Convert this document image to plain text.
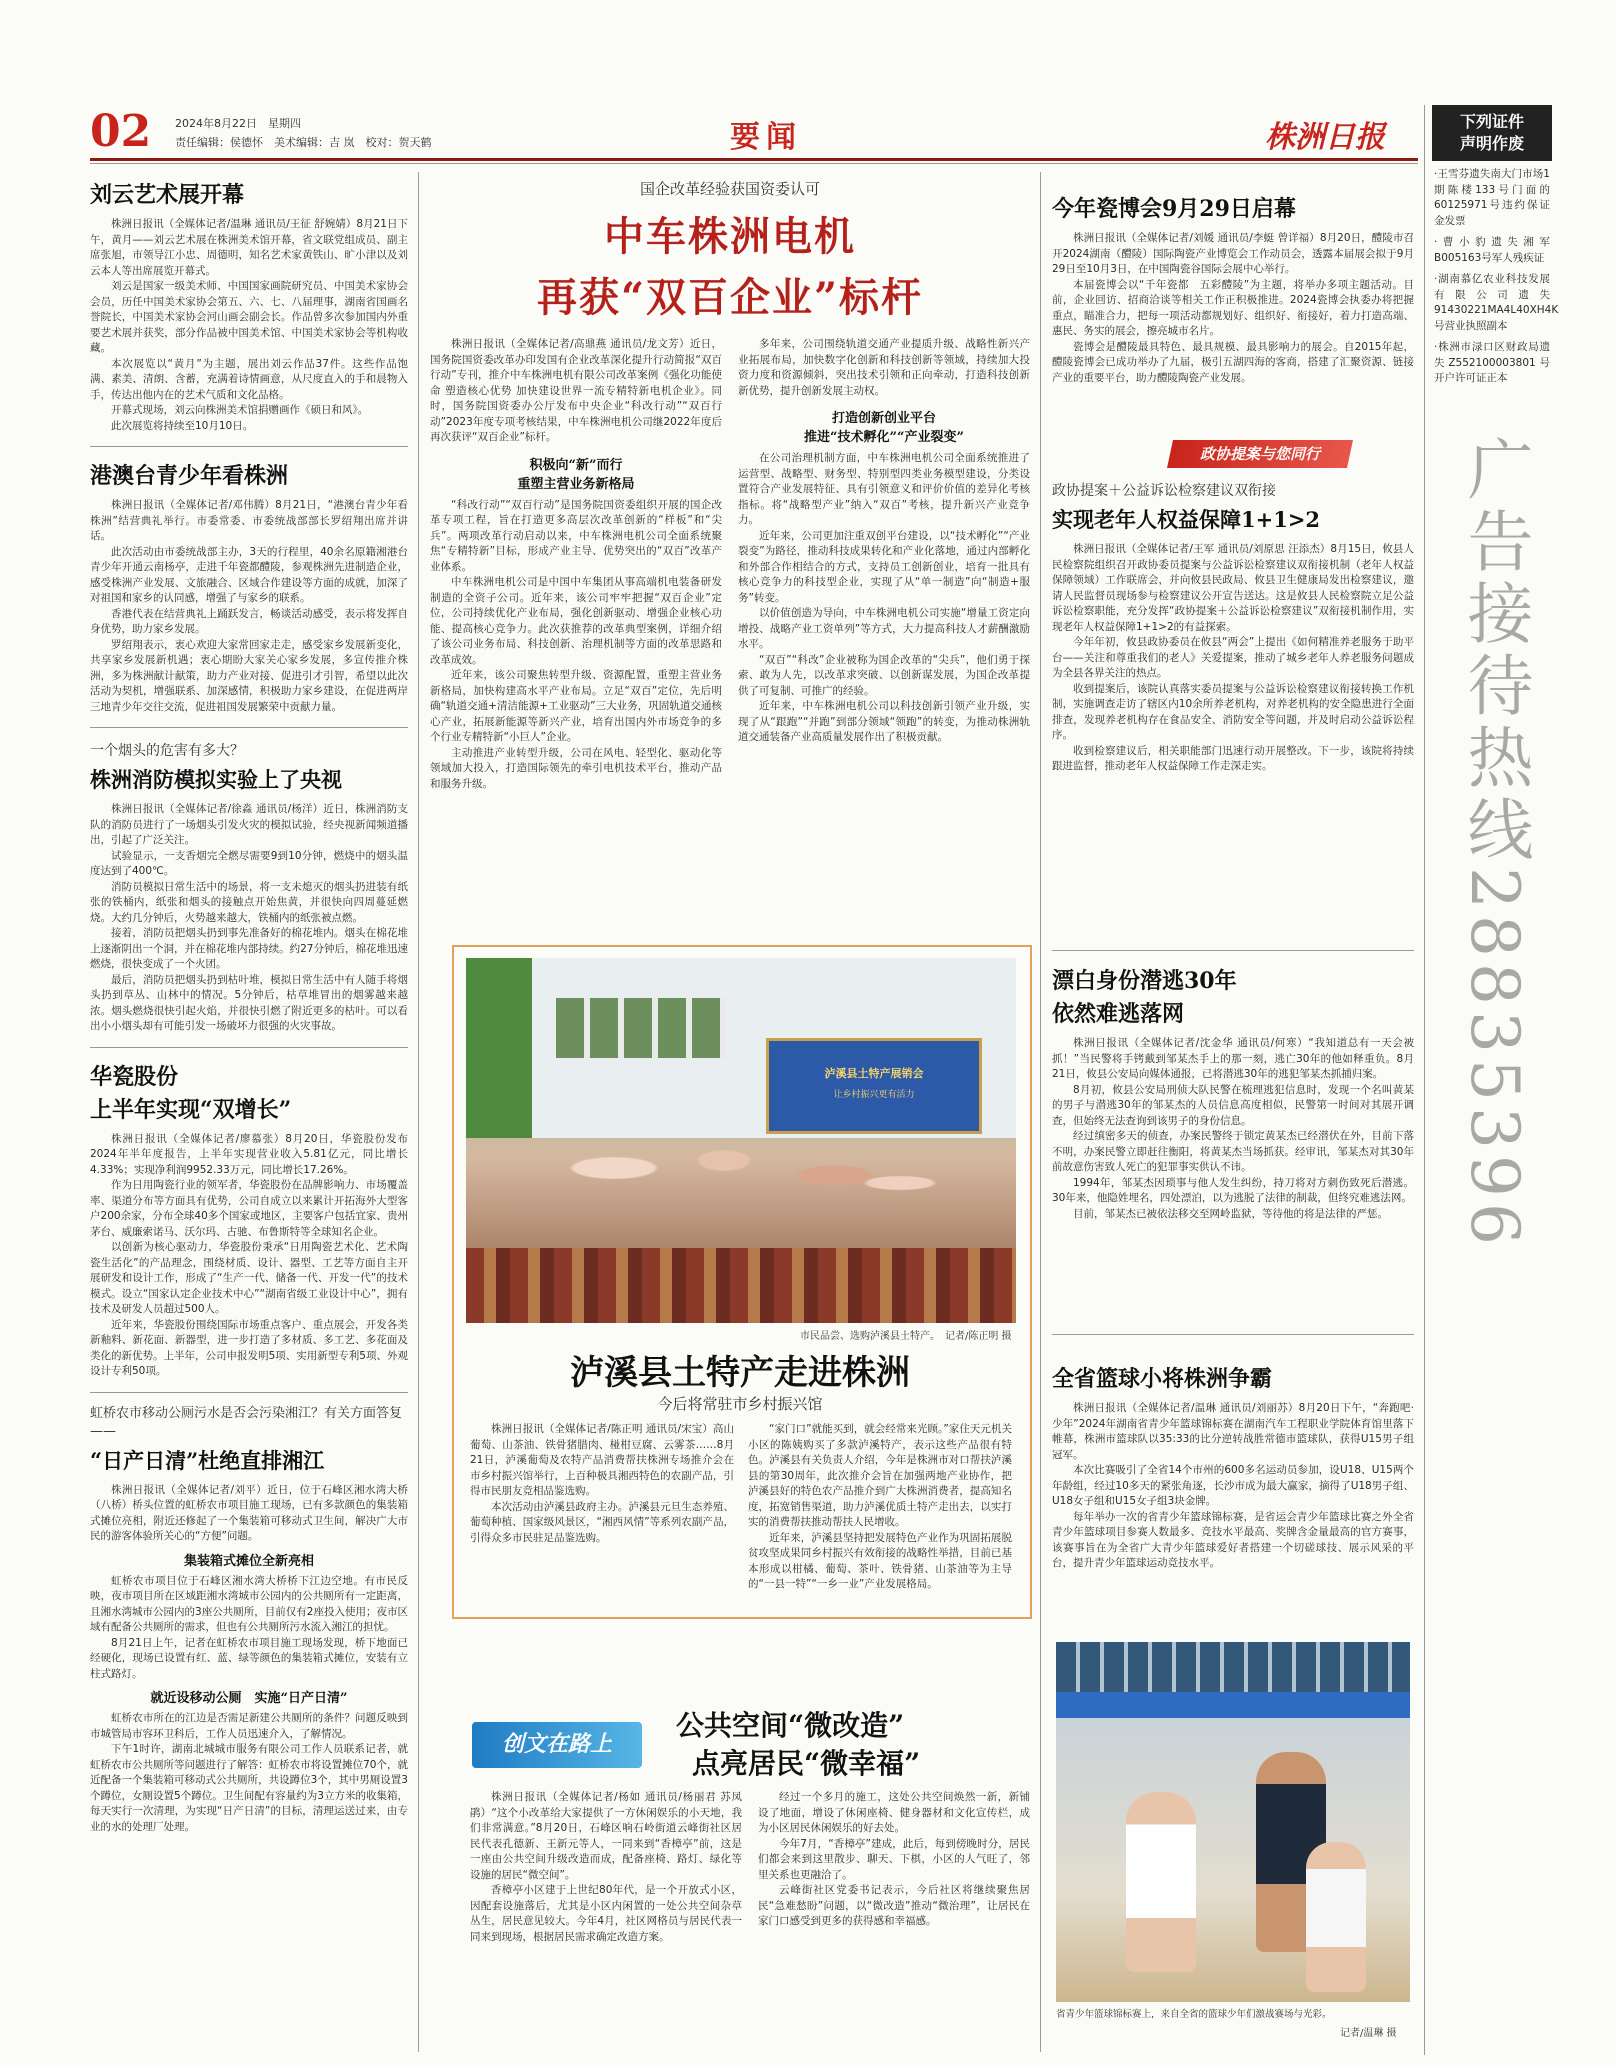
02 2024年8月22日　星期四
责任编辑：侯德怀　美术编辑：吉 岚　校对：贺天鹤	要闻	株洲日报	下列证件
声明作废

·王雪芬遗失南大门市场1期陈楼133号门面的60125971号违约保证金发票

·曹小豹遗失湘军B005163号军人残疾证

·湖南慕亿农业科技发展有限公司遗失91430221MA4L40XH4K号营业执照副本

·株洲市渌口区财政局遗失Z552100003801号开户许可证正本

广告接待热线28835396
刘云艺术展开幕

株洲日报讯（全媒体记者/温琳 通讯员/王征 舒婉婧）8月21日下午，黄月——刘云艺术展在株洲美术馆开幕，省文联党组成员、副主席张旭，市领导江小忠、周德明，知名艺术家黄铁山、旷小津以及刘云本人等出席展览开幕式。

刘云是国家一级美术师、中国国家画院研究员、中国美术家协会会员，历任中国美术家协会第五、六、七、八届理事，湖南省国画名誉院长，中国美术家协会河山画会副会长。作品曾多次参加国内外重要艺术展并获奖，部分作品被中国美术馆、中国美术家协会等机构收藏。

本次展览以“黄月”为主题，展出刘云作品37件。这些作品饱满、素美、清朗、含蓄，充满着诗情画意，从尺度直入的手和晨物入手，传达出他内在的艺术气质和文化品格。

开幕式现场，刘云向株洲美术馆捐赠画作《硕日和风》。

此次展览将持续至10月10日。

港澳台青少年看株洲

株洲日报讯（全媒体记者/邓伟腾）8月21日，“港澳台青少年看株洲”结营典礼举行。市委常委、市委统战部部长罗绍翔出席并讲话。

此次活动由市委统战部主办，3天的行程里，40余名原籍湘港台青少年开通云南杨亭，走进千年瓷都醴陵，参观株洲先进制造企业，感受株洲产业发展、文旅融合、区域合作建设等方面的成就，加深了对祖国和家乡的认同感，增强了与家乡的联系。

香港代表在结营典礼上踊跃发言，畅谈活动感受，表示将发挥自身优势，助力家乡发展。

罗绍翔表示，衷心欢迎大家常回家走走，感受家乡发展新变化，共享家乡发展新机遇；衷心期盼大家关心家乡发展，多宣传推介株洲，多为株洲献计献策，助力产业对接、促进引才引智，希望以此次活动为契机，增强联系、加深感情，积极助力家乡建设，在促进两岸三地青少年交往交流，促进祖国发展繁荣中贡献力量。

一个烟头的危害有多大？
株洲消防模拟实验上了央视

株洲日报讯（全媒体记者/徐淼 通讯员/杨洋）近日，株洲消防支队的消防员进行了一场烟头引发火灾的模拟试验，经央视新闻频道播出，引起了广泛关注。

试验显示，一支香烟完全燃尽需要9到10分钟，燃烧中的烟头温度达到了400℃。

消防员模拟日常生活中的场景，将一支未熄灭的烟头扔进装有纸张的铁桶内，纸张和烟头的接触点开始焦黄，并很快向四周蔓延燃烧。大约几分钟后，火势越来越大，铁桶内的纸张被点燃。

接着，消防员把烟头扔到事先准备好的棉花堆内。烟头在棉花堆上逐渐阴出一个洞，并在棉花堆内部持续。约27分钟后，棉花堆迅速燃烧，很快变成了一个火团。

最后，消防员把烟头扔到枯叶堆，模拟日常生活中有人随手将烟头扔到草丛、山林中的情况。5分钟后，枯草堆冒出的烟雾越来越浓。烟头燃烧很快引起火焰，并很快引燃了附近更多的枯叶。可以看出小小烟头却有可能引发一场破坏力很强的火灾事故。

华瓷股份
上半年实现“双增长”

株洲日报讯（全媒体记者/廖慕张）8月20日，华瓷股份发布2024年半年度报告，上半年实现营业收入5.81亿元，同比增长4.33%；实现净利润9952.33万元，同比增长17.26%。

作为日用陶瓷行业的领军者，华瓷股份在品牌影响力、市场覆盖率、渠道分布等方面具有优势，公司自成立以来累计开拓海外大型客户200余家，分布全球40多个国家或地区，主要客户包括宜家、贵州茅台、威廉索诺马、沃尔玛、古驰、布鲁斯特等全球知名企业。

以创新为核心驱动力，华瓷股份秉承“日用陶瓷艺术化、艺术陶瓷生活化”的产品理念，围绕材质、设计、器型、工艺等方面自主开展研发和设计工作，形成了“生产一代、储备一代、开发一代”的技术模式。设立“国家认定企业技术中心”“湖南省级工业设计中心”，拥有技术及研发人员超过500人。

近年来，华瓷股份围绕国际市场重点客户、重点展会，开发各类新釉料、新花面、新器型，进一步打造了多材质、多工艺、多花面及类化的新优势。上半年，公司申报发明5项、实用新型专利5项、外观设计专利50项。

虹桥农市移动公厕污水是否会污染湘江？有关方面答复——
“日产日清”杜绝直排湘江

株洲日报讯（全媒体记者/刘平）近日，位于石峰区湘水湾大桥（八桥）桥头位置的虹桥农市项目施工现场，已有多款颜色的集装箱式摊位亮相，附近还修起了一个集装箱可移动式卫生间，解决广大市民的游客体验所关心的“方便”问题。

集装箱式摊位全新亮相

虹桥农市项目位于石峰区湘水湾大桥桥下江边空地。有市民反映，夜市项目所在区域距湘水湾城市公园内的公共厕所有一定距离，且湘水湾城市公园内的3座公共厕所，目前仅有2座投入使用；夜市区域有配备公共厕所的需求，但也有公共厕所污水流入湘江的担忧。

8月21日上午，记者在虹桥农市项目施工现场发现，桥下地面已经硬化，现场已设置有红、蓝、绿等颜色的集装箱式摊位，安装有立柱式路灯。

就近设移动公厕　实施“日产日清”

虹桥农市所在的江边是否需足新建公共厕所的条件？问题反映到市城管局市容环卫科后，工作人员迅速介入，了解情况。

下午1时许，湖南北城城市服务有限公司工作人员联系记者，就虹桥农市公共厕所等问题进行了解答：虹桥农市将设置摊位70个，就近配备一个集装箱可移动式公共厕所，共设蹲位3个，其中男厕设置3个蹲位，女厕设置5个蹲位。卫生间配有容量约为3立方米的收集箱，每天实行一次清理，为实现“日产日清”的目标，清理运送过来，由专业的水的处理厂处理。

国企改革经验获国资委认可
中车株洲电机
再获“双百企业”标杆

株洲日报讯（全媒体记者/高鼎燕 通讯员/龙文芳）近日，国务院国资委改革办印发国有企业改革深化提升行动简报“双百行动”专刊，推介中车株洲电机有限公司改革案例《强化功能使命 塑造核心优势 加快建设世界一流专精特新电机企业》。同时，国务院国资委办公厅发布中央企业“科改行动”“双百行动”2023年度专项考核结果，中车株洲电机公司继2022年度后再次获评“双百企业”标杆。

积极向“新”而行
重塑主营业务新格局

“科改行动”“双百行动”是国务院国资委组织开展的国企改革专项工程，旨在打造更多高层次改革创新的“样板”和“尖兵”。两项改革行动启动以来，中车株洲电机公司全面系统聚焦“专精特新”目标，形成产业主导、优势突出的“双百”改革产业体系。

中车株洲电机公司是中国中车集团从事高端机电装备研发制造的全资子公司。近年来，该公司牢牢把握“双百企业”定位，公司持续优化产业布局，强化创新驱动、增强企业核心功能、提高核心竞争力。此次获推荐的改革典型案例，详细介绍了该公司业务布局、科技创新、治理机制等方面的改革思路和改革成效。

近年来，该公司聚焦转型升级、资源配置，重塑主营业务新格局，加快构建高水平产业布局。立足“双百”定位，先后明确“轨道交通+清洁能源+工业驱动”三大业务，巩固轨道交通核心产业，拓展新能源等新兴产业，培育出国内外市场竞争的多个行业专精特新“小巨人”企业。

主动推进产业转型升级，公司在风电、轻型化、驱动化等领域加大投入，打造国际领先的牵引电机技术平台，推动产品和服务升级。

多年来，公司围绕轨道交通产业提质升级、战略性新兴产业拓展布局，加快数字化创新和科技创新等领域，持续加大投资力度和资源倾斜，突出技术引领和正向牵动，打造科技创新新优势，提升创新发展主动权。

打造创新创业平台
推进“技术孵化”“产业裂变”

在公司治理机制方面，中车株洲电机公司全面系统推进了运营型、战略型、财务型、特别型四类业务模型建设，分类设置符合产业发展特征、具有引领意义和评价价值的差异化考核指标。将“战略型产业”纳入“双百”考核，提升新兴产业竞争力。

近年来，公司更加注重双创平台建设，以“技术孵化”“产业裂变”为路径，推动科技成果转化和产业化落地，通过内部孵化和外部合作相结合的方式，支持员工创新创业，培育一批具有核心竞争力的科技型企业，实现了从“单一制造”向“制造+服务”转变。

以价值创造为导向，中车株洲电机公司实施“增量工资定向增投、战略产业工资单列”等方式，大力提高科技人才薪酬激励水平。

“双百”“科改”企业被称为国企改革的“尖兵”，他们勇于探索、敢为人先，以改革求突破、以创新谋发展，为国企改革提供了可复制、可推广的经验。

近年来，中车株洲电机公司以科技创新引领产业升级，实现了从“跟跑”“并跑”到部分领域“领跑”的转变，为推动株洲轨道交通装备产业高质量发展作出了积极贡献。

泸溪县土特产展销会
让乡村振兴更有活力
市民品尝、选购泸溪县土特产。　记者/陈正明 摄
泸溪县土特产走进株洲
今后将常驻市乡村振兴馆

株洲日报讯（全媒体记者/陈正明 通讯员/宋宝）高山葡萄、山茶油、铁骨猪腊肉、椪柑豆腐、云雾茶……8月21日，泸溪葡萄及农特产品消费帮扶株洲专场推介会在市乡村振兴馆举行，上百种极具湘西特色的农副产品，引得市民朋友竞相品鉴选购。

本次活动由泸溪县政府主办。泸溪县元旦生态养殖、葡萄种植、国家级风景区，“湘西风情”等系列农副产品，引得众多市民驻足品鉴选购。

“家门口”就能买到，就会经常来光顾。”家住天元机关小区的陈姨购买了多款泸溪特产，表示这些产品很有特色。泸溪县有关负责人介绍，今年是株洲市对口帮扶泸溪县的第30周年，此次推介会旨在加强两地产业协作，把泸溪县好的特色农产品推介到广大株洲消费者，提高知名度，拓宽销售渠道，助力泸溪优质土特产走出去，以实打实的消费帮扶推动帮扶人民增收。

近年来，泸溪县坚持把发展特色产业作为巩固拓展脱贫攻坚成果同乡村振兴有效衔接的战略性举措，目前已基本形成以柑橘、葡萄、茶叶、铁骨猪、山茶油等为主导的“一县一特”“一乡一业”产业发展格局。

创文在路上
公共空间“微改造”
点亮居民“微幸福”

株洲日报讯（全媒体记者/杨如 通讯员/杨丽君 苏凤鹃）“这个小改革给大家提供了一方休闲娱乐的小天地，我们非常满意。”8月20日，石峰区响石岭街道云峰街社区居民代表孔德新、王新元等人，一同来到“香樟亭”前，这是一座由公共空间升级改造而成，配备座椅、路灯、绿化等设施的居民“微空间”。

香樟亭小区建于上世纪80年代，是一个开放式小区，因配套设施落后，尤其是小区内闲置的一处公共空间杂草丛生，居民意见较大。今年4月，社区网格员与居民代表一同来到现场，根据居民需求确定改造方案。

经过一个多月的施工，这处公共空间焕然一新，新铺设了地面，增设了休闲座椅、健身器材和文化宣传栏，成为小区居民休闲娱乐的好去处。

今年7月，“香樟亭”建成，此后，每到傍晚时分，居民们都会来到这里散步、聊天、下棋，小区的人气旺了，邻里关系也更融洽了。

云峰街社区党委书记表示，今后社区将继续聚焦居民“急难愁盼”问题，以“微改造”推动“微治理”，让居民在家门口感受到更多的获得感和幸福感。

今年瓷博会9月29日启幕

株洲日报讯（全媒体记者/刘媛 通讯员/李蜓 曾详福）8月20日，醴陵市召开2024湖南（醴陵）国际陶瓷产业博览会工作动员会，透露本届展会拟于9月29日至10月3日，在中国陶瓷谷国际会展中心举行。

本届瓷博会以“千年瓷都　五彩醴陵”为主题，将举办多项主题活动。目前，企业回访、招商洽谈等相关工作正积极推进。2024瓷博会执委办将把握重点，瞄准合力，把每一项活动都规划好、组织好、衔接好，着力打造高端、惠民、务实的展会，擦亮城市名片。

瓷博会是醴陵最具特色、最具规模、最具影响力的展会。自2015年起，醴陵瓷博会已成功举办了九届，极引五湖四海的客商，搭建了汇聚资源、链接产业的重要平台，助力醴陵陶瓷产业发展。

政协提案与您同行
政协提案＋公益诉讼检察建议双衔接
实现老年人权益保障1+1>2

株洲日报讯（全媒体记者/王军 通讯员/刘原思 汪添杰）8月15日，攸县人民检察院组织召开政协委员提案与公益诉讼检察建议双衔接机制（老年人权益保障领域）工作联席会，并向攸县民政局、攸县卫生健康局发出检察建议，邀请人民监督员现场参与检察建议公开宣告送达。这是攸县人民检察院立足公益诉讼检察职能，充分发挥“政协提案＋公益诉讼检察建议”双衔接机制作用，实现老年人权益保障1+1>2的有益探索。

今年年初，攸县政协委员在攸县“两会”上提出《如何精准养老服务于助平台——关注和尊重我们的老人》关爱提案，推动了城乡老年人养老服务问题成为全县各界关注的热点。

收到提案后，该院认真落实委员提案与公益诉讼检察建议衔接转换工作机制，实施调查走访了辖区内10余所养老机构，对养老机构的安全隐患进行全面排查，发现养老机构存在食品安全、消防安全等问题，并及时启动公益诉讼程序。

收到检察建议后，相关职能部门迅速行动开展整改。下一步，该院将持续跟进监督，推动老年人权益保障工作走深走实。

漂白身份潜逃30年
依然难逃落网

株洲日报讯（全媒体记者/沈金华 通讯员/何寒）“我知道总有一天会被抓！”当民警将手铐戴到邹某杰手上的那一刻，逃亡30年的他如释重负。8月21日，攸县公安局向媒体通报，已将潜逃30年的逃犯邹某杰抓捕归案。

8月初，攸县公安局刑侦大队民警在梳理逃犯信息时，发现一个名叫黄某的男子与潜逃30年的邹某杰的人员信息高度相似，民警第一时间对其展开调查，但始终无法查询到该男子的身份信息。

经过缜密多天的侦查，办案民警终于锁定黄某杰已经潜伏在外，目前下落不明，办案民警立即赶往衡阳，将黄某杰当场抓获。经审讯，邹某杰对其30年前故意伤害致人死亡的犯罪事实供认不讳。

1994年，邹某杰因琐事与他人发生纠纷，持刀将对方刺伤致死后潜逃。30年来，他隐姓埋名，四处漂泊，以为逃脱了法律的制裁，但终究难逃法网。

目前，邹某杰已被依法移交至网岭监狱，等待他的将是法律的严惩。

全省篮球小将株洲争霸

株洲日报讯（全媒体记者/温琳 通讯员/刘丽苏）8月20日下午，“奔跑吧·少年”2024年湖南省青少年篮球锦标赛在湖南汽车工程职业学院体育馆里落下帷幕，株洲市篮球队以35:33的比分逆转战胜常德市篮球队，获得U15男子组冠军。

本次比赛吸引了全省14个市州的600多名运动员参加，设U18、U15两个年龄组，经过10多天的紧张角逐，长沙市成为最大赢家，摘得了U18男子组、U18女子组和U15女子组3块金牌。

每年举办一次的省青少年篮球锦标赛，是省运会青少年篮球比赛之外全省青少年篮球项目参赛人数最多、竞技水平最高、奖牌含金量最高的官方赛事，该赛事旨在为全省广大青少年篮球爱好者搭建一个切磋球技、展示风采的平台，提升青少年篮球运动竞技水平。

省青少年篮球锦标赛上，来自全省的篮球少年们激战赛场与光彩。
记者/温琳 摄
